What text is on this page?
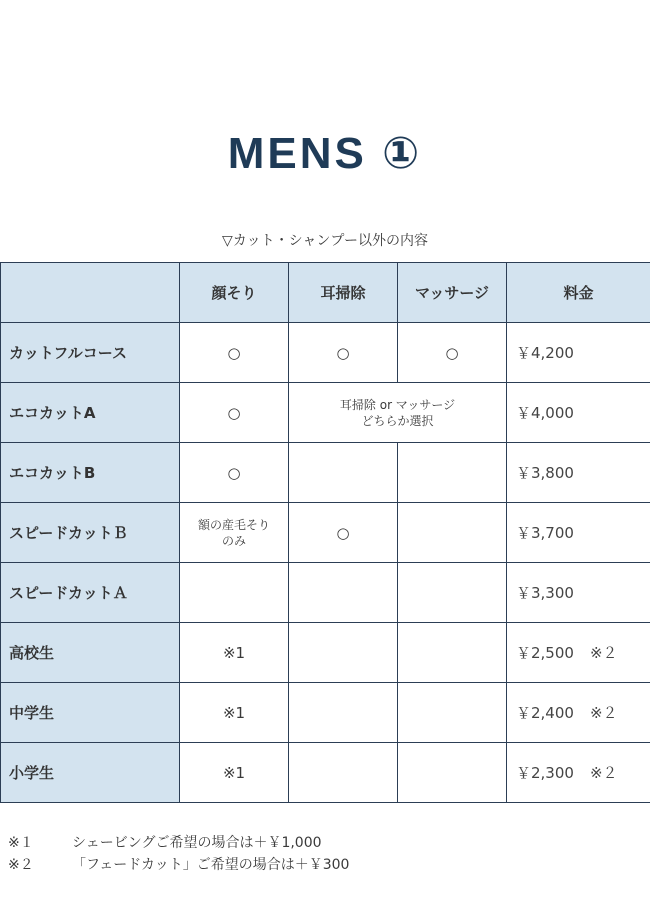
MENS ①
▽カット・シャンプー以外の内容
	顔そり	耳掃除	マッサージ	料金
カットフルコース	○	○	○	￥4,200
エコカットA	○	耳掃除 or マッサージ
どちらか選択		￥4,000
エコカットB	○			￥3,800
スピードカットＢ	額の産毛そり
のみ	○		￥3,700
スピードカットＡ				￥3,300
高校生	※1			￥2,500 ※２
中学生	※1			￥2,400 ※２
小学生	※1			￥2,300 ※２
※１	シェービングご希望の場合は＋￥1,000
※２	「フェードカット」ご希望の場合は＋￥300
